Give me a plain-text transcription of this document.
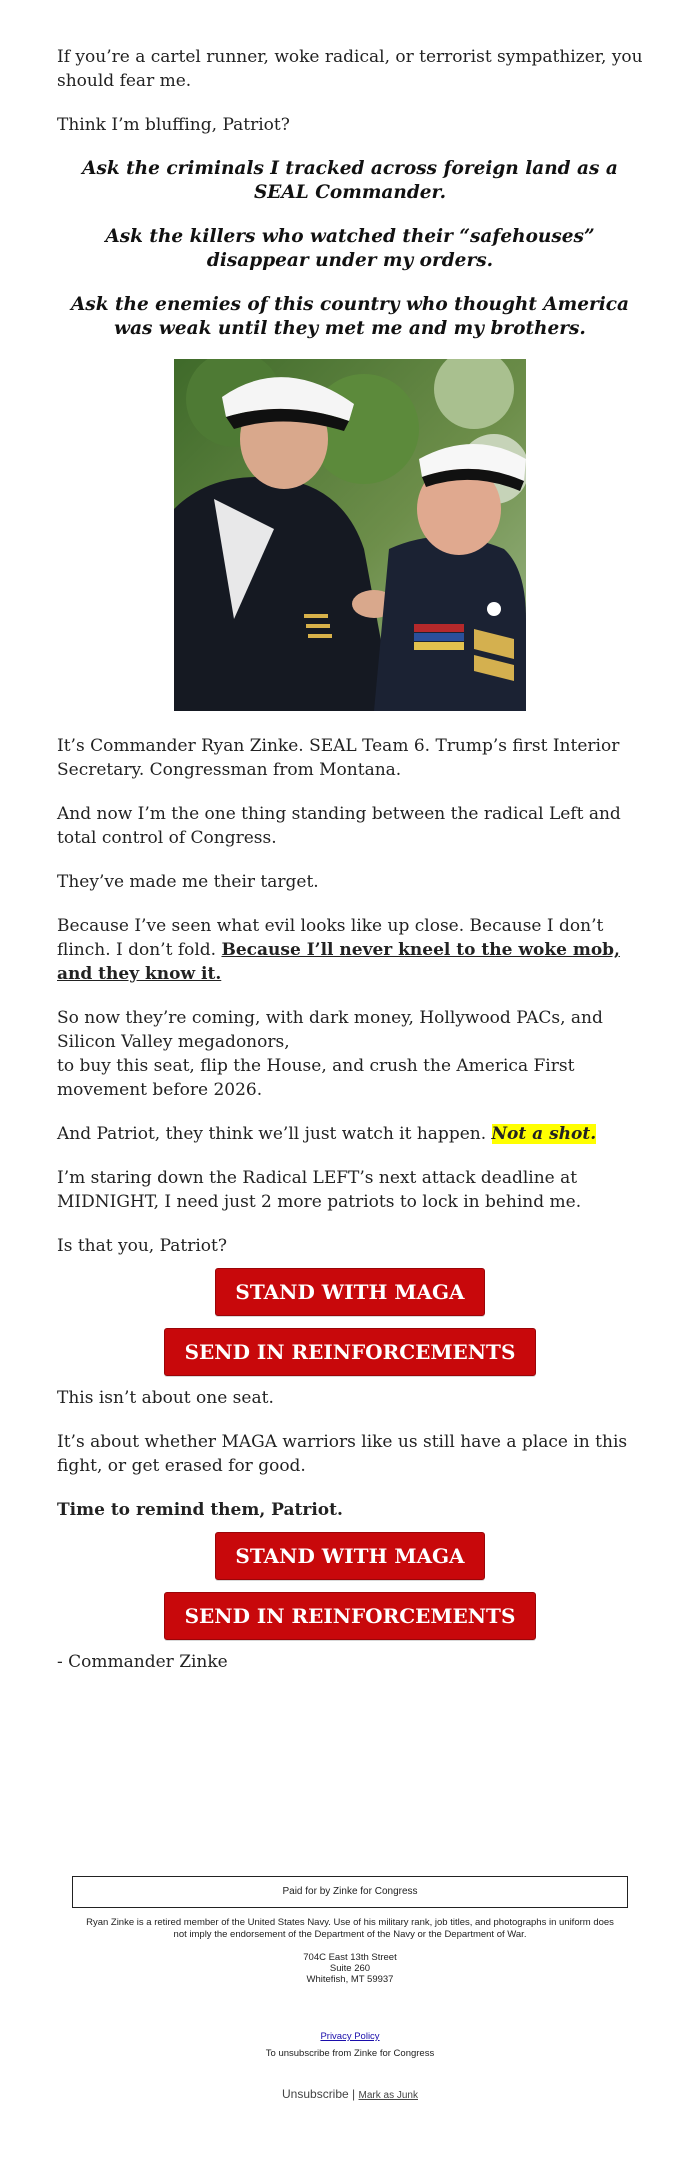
If you’re a cartel runner, woke radical, or terrorist sympathizer, you should fear me.

Think I’m bluffing, Patriot?

Ask the criminals I tracked across foreign land as a SEAL Commander.

Ask the killers who watched their “safehouses” disappear under my orders.

Ask the enemies of this country who thought America was weak until they met me and my brothers.

It’s Commander Ryan Zinke. SEAL Team 6. Trump’s first Interior Secretary. Congressman from Montana.

And now I’m the one thing standing between the radical Left and total control of Congress.

They’ve made me their target.

Because I’ve seen what evil looks like up close. Because I don’t flinch. I don’t fold. Because I’ll never kneel to the woke mob, and they know it.

So now they’re coming, with dark money, Hollywood PACs, and Silicon Valley megadonors,
to buy this seat, flip the House, and crush the America First movement before 2026.

And Patriot, they think we’ll just watch it happen. Not a shot.

I’m staring down the Radical LEFT’s next attack deadline at MIDNIGHT, I need just 2 more patriots to lock in behind me.

Is that you, Patriot?

STAND WITH MAGA
SEND IN REINFORCEMENTS

This isn’t about one seat.

It’s about whether MAGA warriors like us still have a place in this fight, or get erased for good.

Time to remind them, Patriot.

STAND WITH MAGA
SEND IN REINFORCEMENTS

- Commander Zinke

Paid for by Zinke for Congress
Ryan Zinke is a retired member of the United States Navy. Use of his military rank, job titles, and photographs in uniform does not imply the endorsement of the Department of the Navy or the Department of War.
704C East 13th Street
Suite 260
Whitefish, MT 59937
Privacy Policy
To unsubscribe from Zinke for Congress
Unsubscribe | Mark as Junk
